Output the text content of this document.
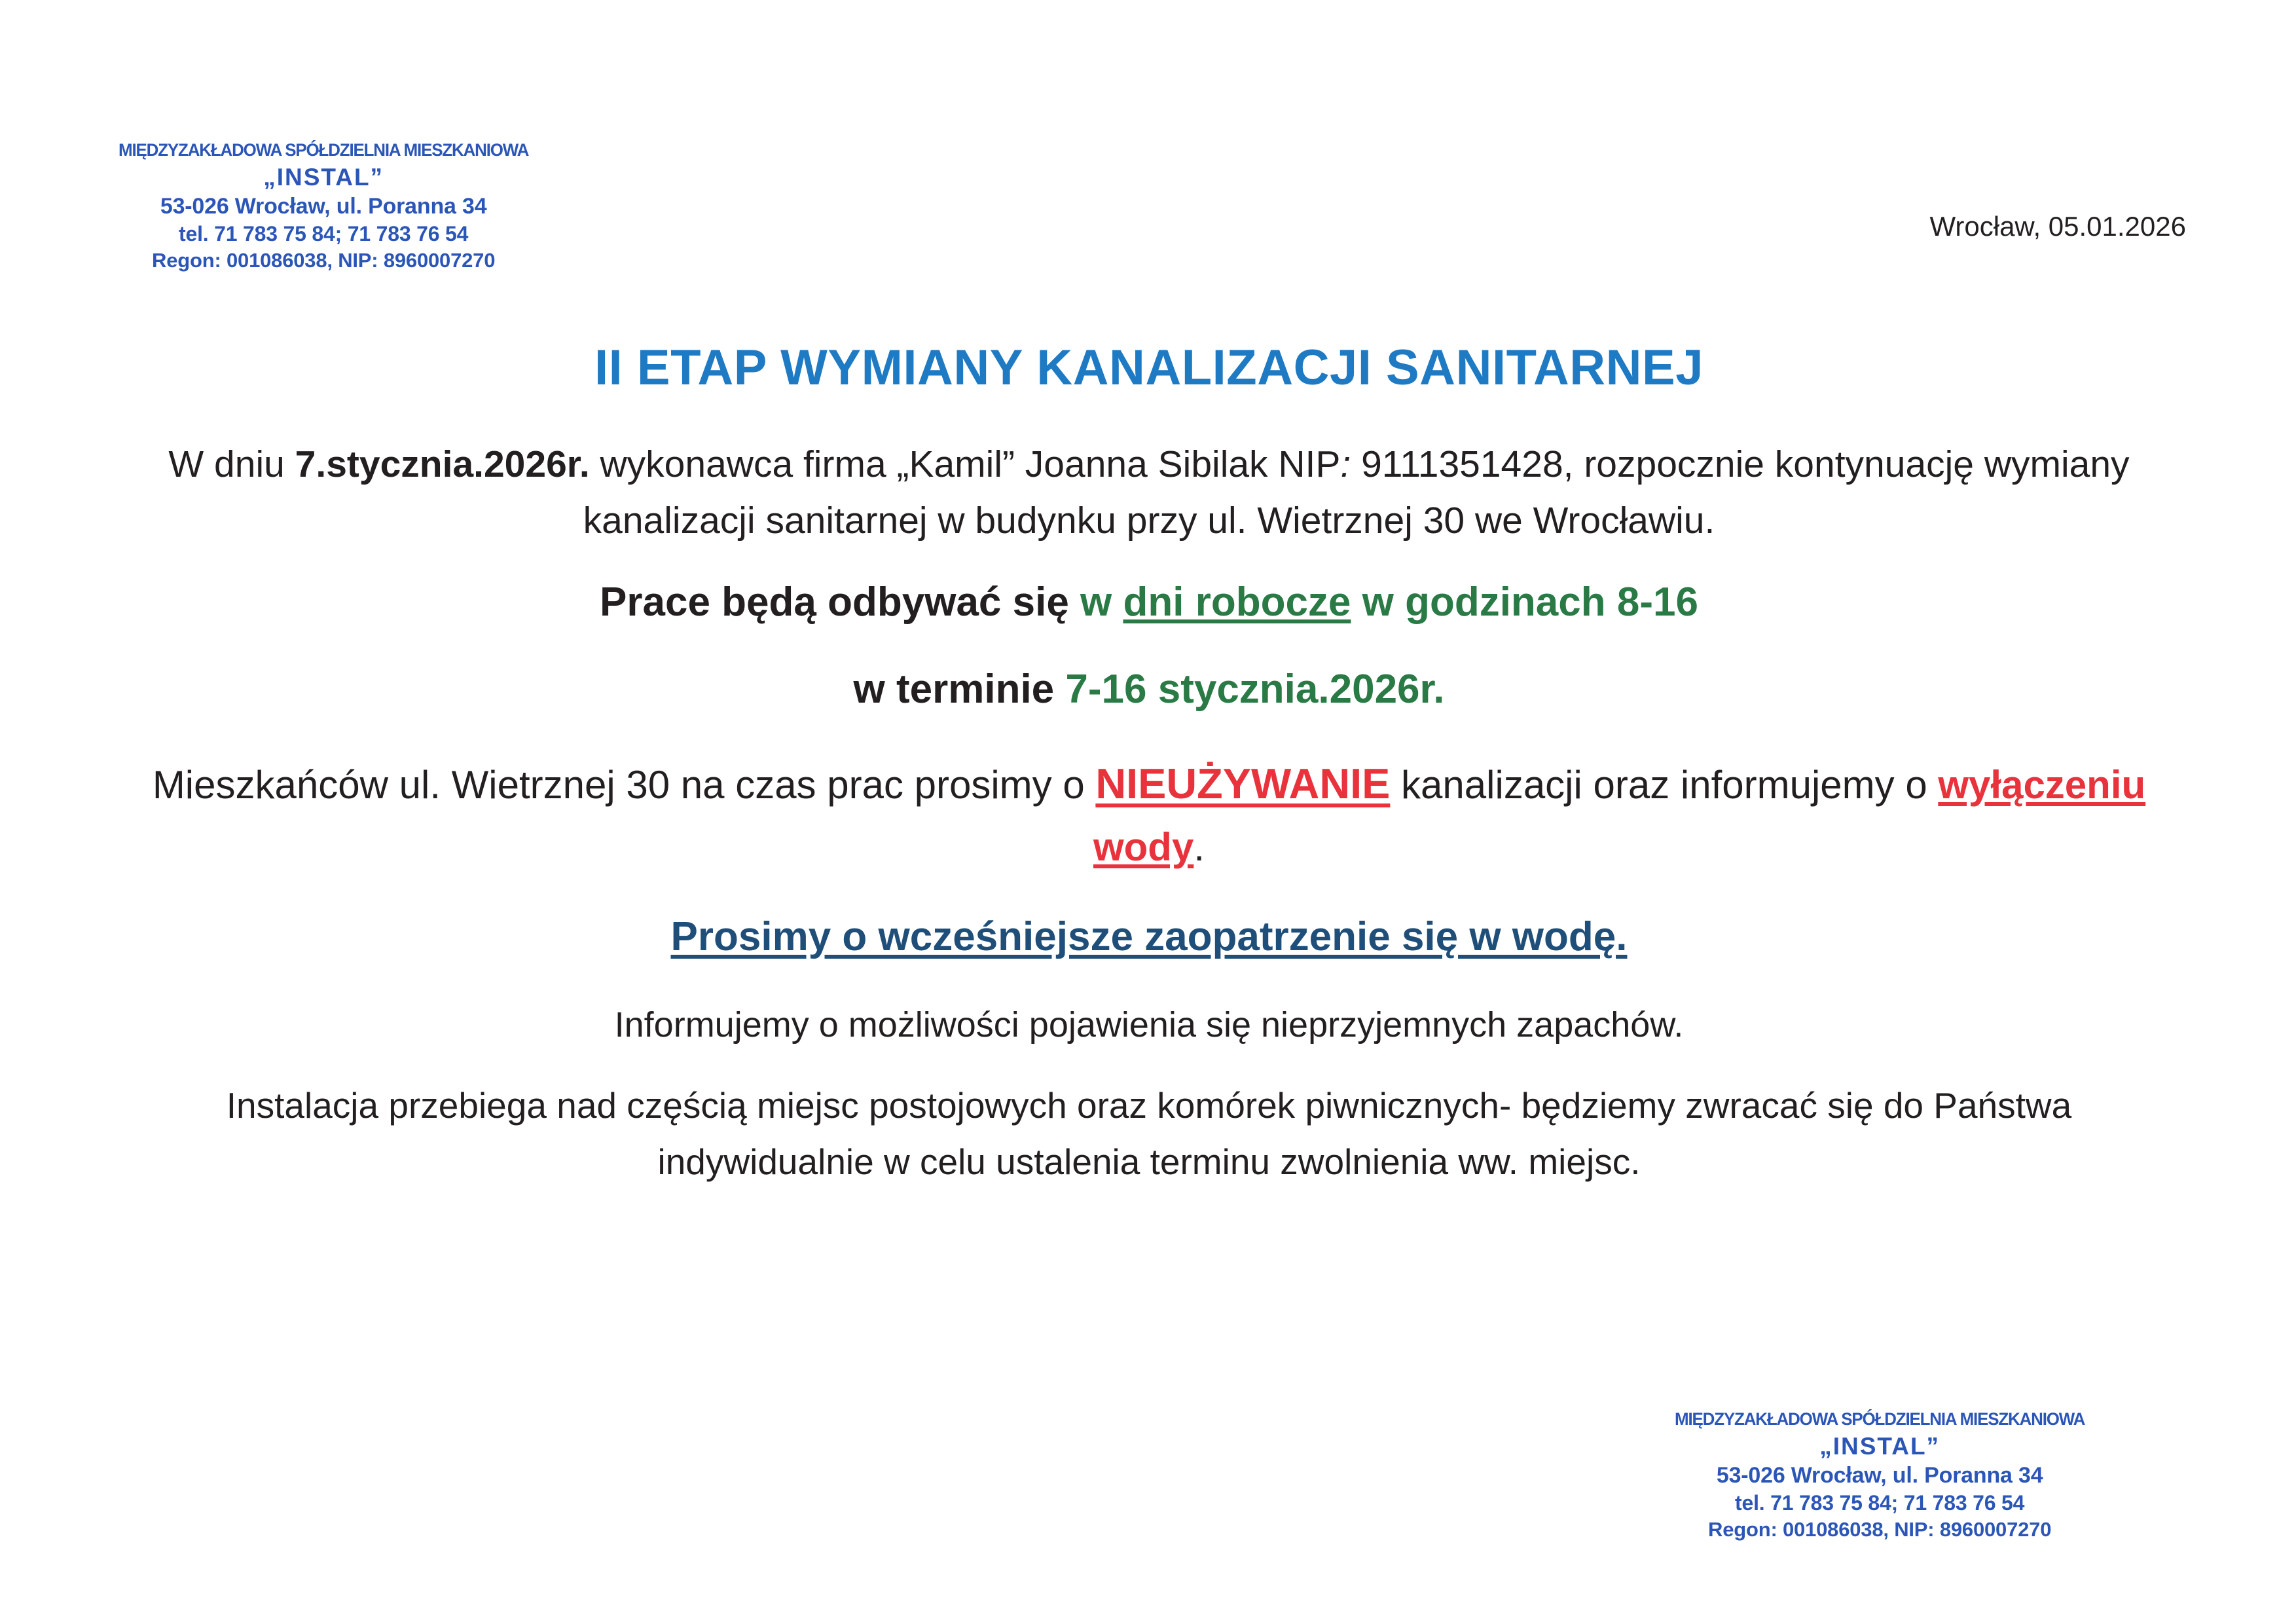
MIĘDZYZAKŁADOWA SPÓŁDZIELNIA MIESZKANIOWA
„INSTAL”
53-026 Wrocław, ul. Poranna 34
tel. 71 783 75 84; 71 783 76 54
Regon: 001086038, NIP: 8960007270
Wrocław, 05.01.2026
II ETAP WYMIANY KANALIZACJI SANITARNEJ

W dniu 7.stycznia.2026r. wykonawca firma „Kamil” Joanna Sibilak NIP: 9111351428, rozpocznie kontynuację wymiany kanalizacji sanitarnej w budynku przy ul. Wietrznej 30 we Wrocławiu.

Prace będą odbywać się w dni robocze w godzinach 8-16

w terminie 7-16 stycznia.2026r.

Mieszkańców ul. Wietrznej 30 na czas prac prosimy o NIEUŻYWANIE kanalizacji oraz informujemy o wyłączeniu wody.

Prosimy o wcześniejsze zaopatrzenie się w wodę.

Informujemy o możliwości pojawienia się nieprzyjemnych zapachów.

Instalacja przebiega nad częścią miejsc postojowych oraz komórek piwnicznych- będziemy zwracać się do Państwa indywidualnie w celu ustalenia terminu zwolnienia ww. miejsc.

MIĘDZYZAKŁADOWA SPÓŁDZIELNIA MIESZKANIOWA
„INSTAL”
53-026 Wrocław, ul. Poranna 34
tel. 71 783 75 84; 71 783 76 54
Regon: 001086038, NIP: 8960007270
